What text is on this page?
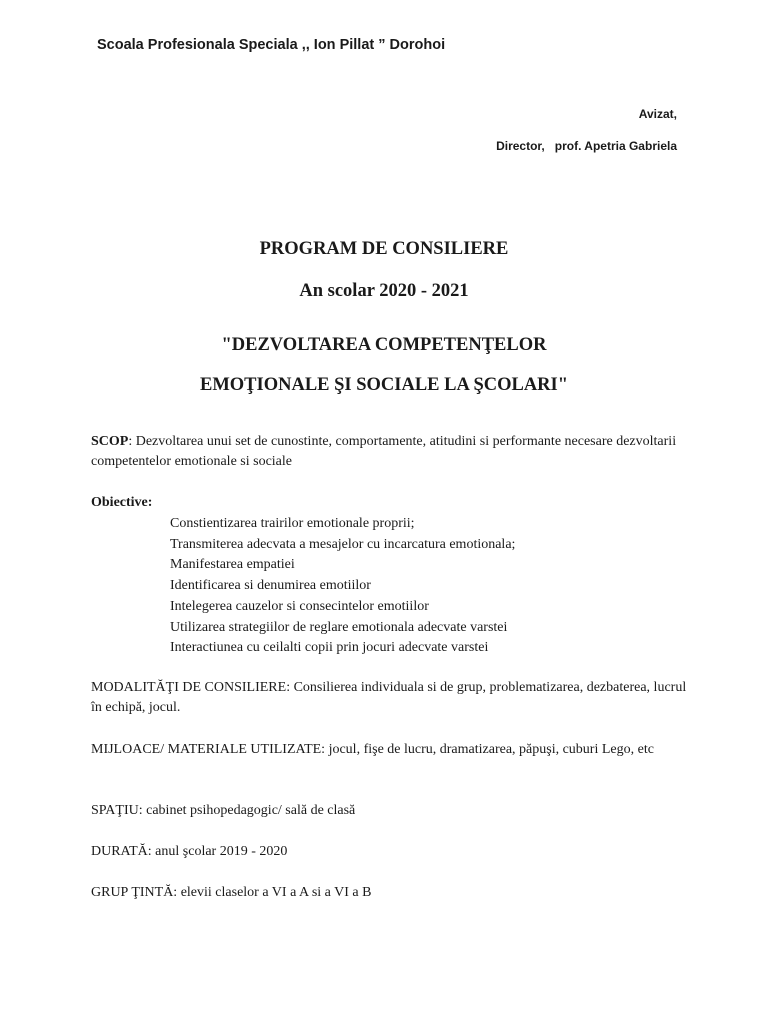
Scoala Profesionala Speciala ,, Ion Pillat ” Dorohoi
Avizat,
Director,   prof. Apetria Gabriela
PROGRAM DE CONSILIERE
An scolar 2020 - 2021
"DEZVOLTAREA COMPETENŢELOR
EMOŢIONALE ŞI SOCIALE LA ŞCOLARI"
SCOP: Dezvoltarea unui set de cunostinte, comportamente, atitudini si performante necesare dezvoltarii competentelor emotionale si sociale
Obiective:
Constientizarea trairilor emotionale proprii;
Transmiterea adecvata a mesajelor cu incarcatura emotionala;
Manifestarea empatiei
Identificarea si denumirea emotiilor
Intelegerea cauzelor si consecintelor emotiilor
Utilizarea strategiilor de reglare emotionala adecvate varstei
Interactiunea cu ceilalti copii prin jocuri adecvate varstei
MODALITĂŢI DE CONSILIERE: Consilierea individuala si de grup, problematizarea, dezbaterea, lucrul în echipă, jocul.
MIJLOACE/ MATERIALE UTILIZATE: jocul, fişe de lucru, dramatizarea, păpuşi, cuburi Lego, etc
SPAŢIU: cabinet psihopedagogic/ sală de clasă
DURATĂ: anul şcolar 2019 - 2020
GRUP ŢINTĂ: elevii claselor a VI a A si a VI a B
